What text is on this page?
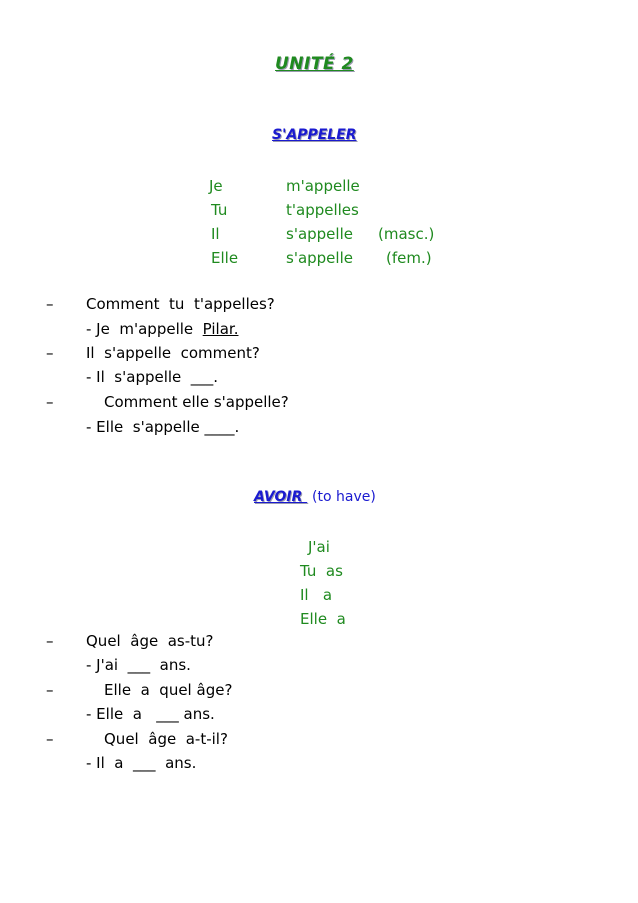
UNITÉ 2
S'APPELER
Je	m'appelle
Tu	t'appelles
Il	s'appelle (masc.)
Elle	s'appelle (fem.)
– Comment  tu  t'appelles?
- Je  m'appelle  Pilar.
– Il  s'appelle  comment?
- Il  s'appelle  ___.
–	Comment elle s'appelle?
- Elle  s'appelle ____.
AVOIR  (to have)
J'ai
Tu  as
Il   a
Elle  a
– Quel  âge  as-tu?
- J'ai  ___  ans.
–	Elle  a  quel âge?
- Elle  a   ___ ans.
–	Quel  âge  a-t-il?
- Il  a  ___  ans.
